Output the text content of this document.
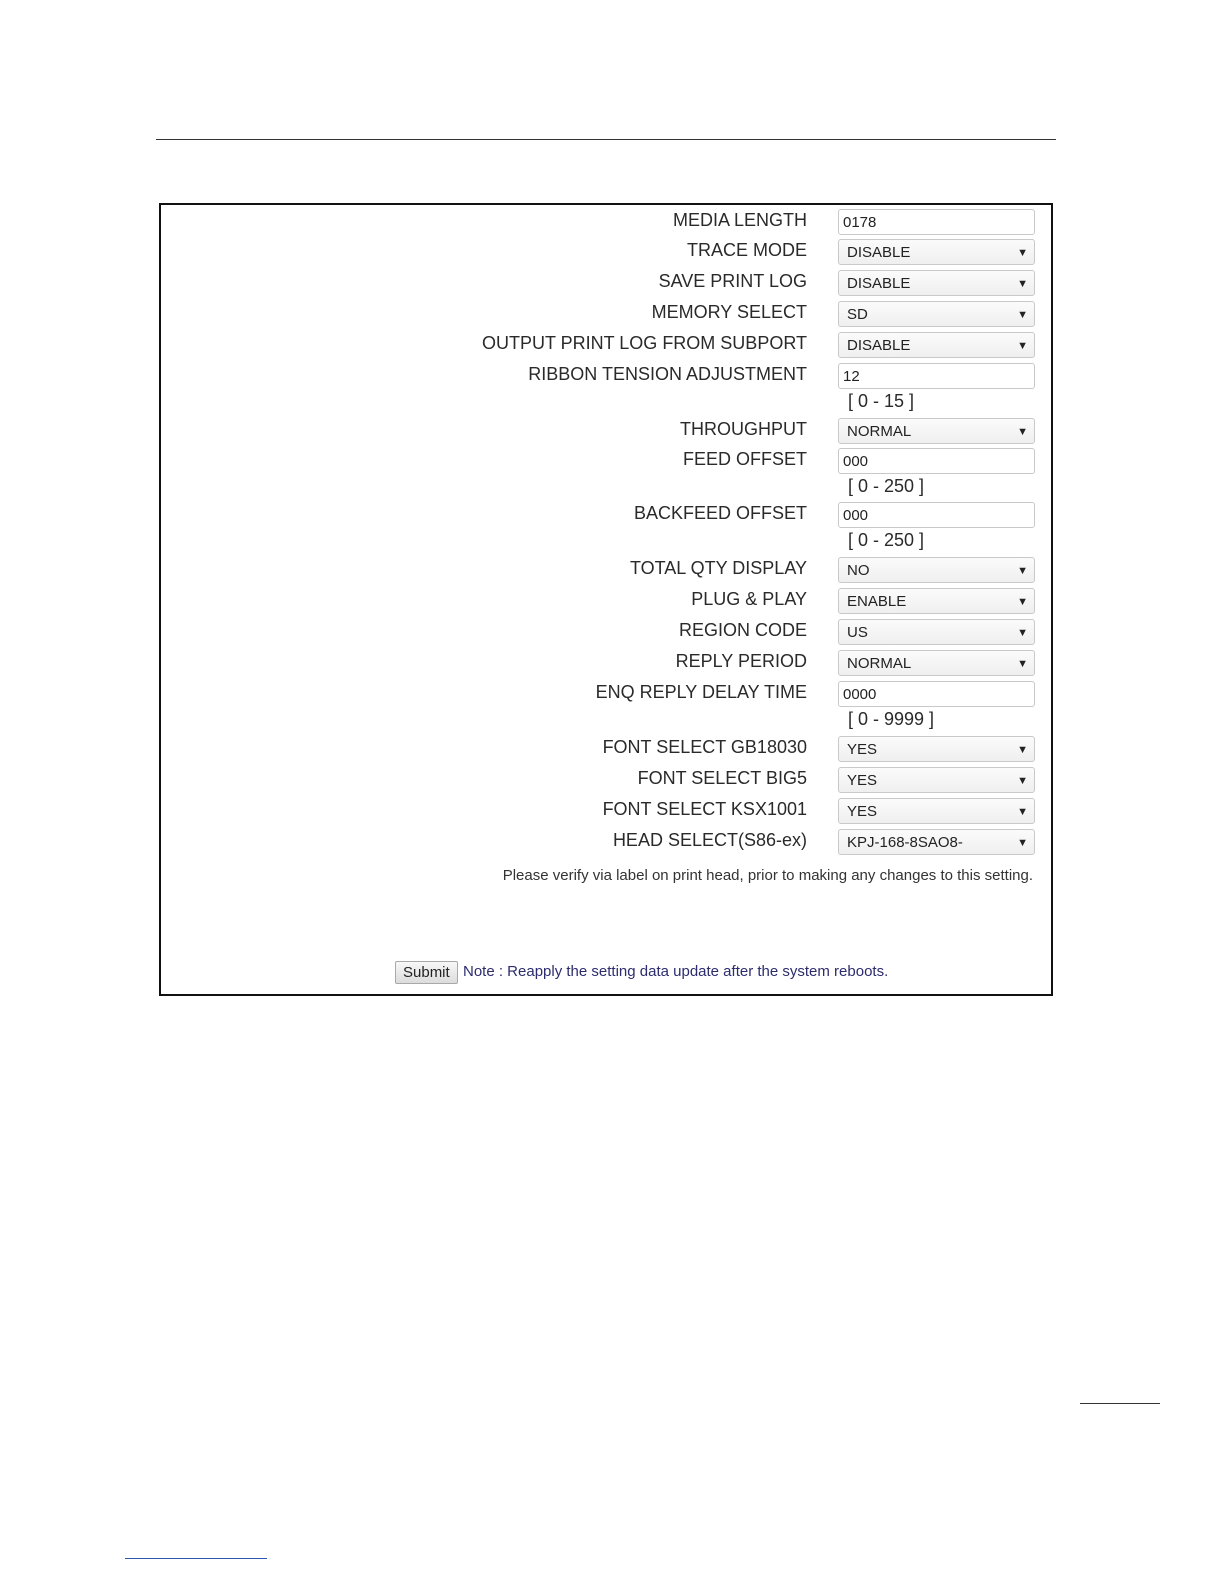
MEDIA LENGTH	0178
TRACE MODE	DISABLE	▼
SAVE PRINT LOG	DISABLE	▼
MEMORY SELECT	SD	▼
OUTPUT PRINT LOG FROM SUBPORT	DISABLE	▼
RIBBON TENSION ADJUSTMENT	12
[ 0 - 15 ]
THROUGHPUT	NORMAL	▼
FEED OFFSET	000
[ 0 - 250 ]
BACKFEED OFFSET	000
[ 0 - 250 ]
TOTAL QTY DISPLAY	NO	▼
PLUG & PLAY	ENABLE	▼
REGION CODE	US	▼
REPLY PERIOD	NORMAL	▼
ENQ REPLY DELAY TIME	0000
[ 0 - 9999 ]
FONT SELECT GB18030	YES	▼
FONT SELECT BIG5	YES	▼
FONT SELECT KSX1001	YES	▼
HEAD SELECT(S86-ex)	KPJ-168-8SAO8-	▼
Please verify via label on print head, prior to making any changes to this setting.
Submit Note : Reapply the setting data update after the system reboots.
